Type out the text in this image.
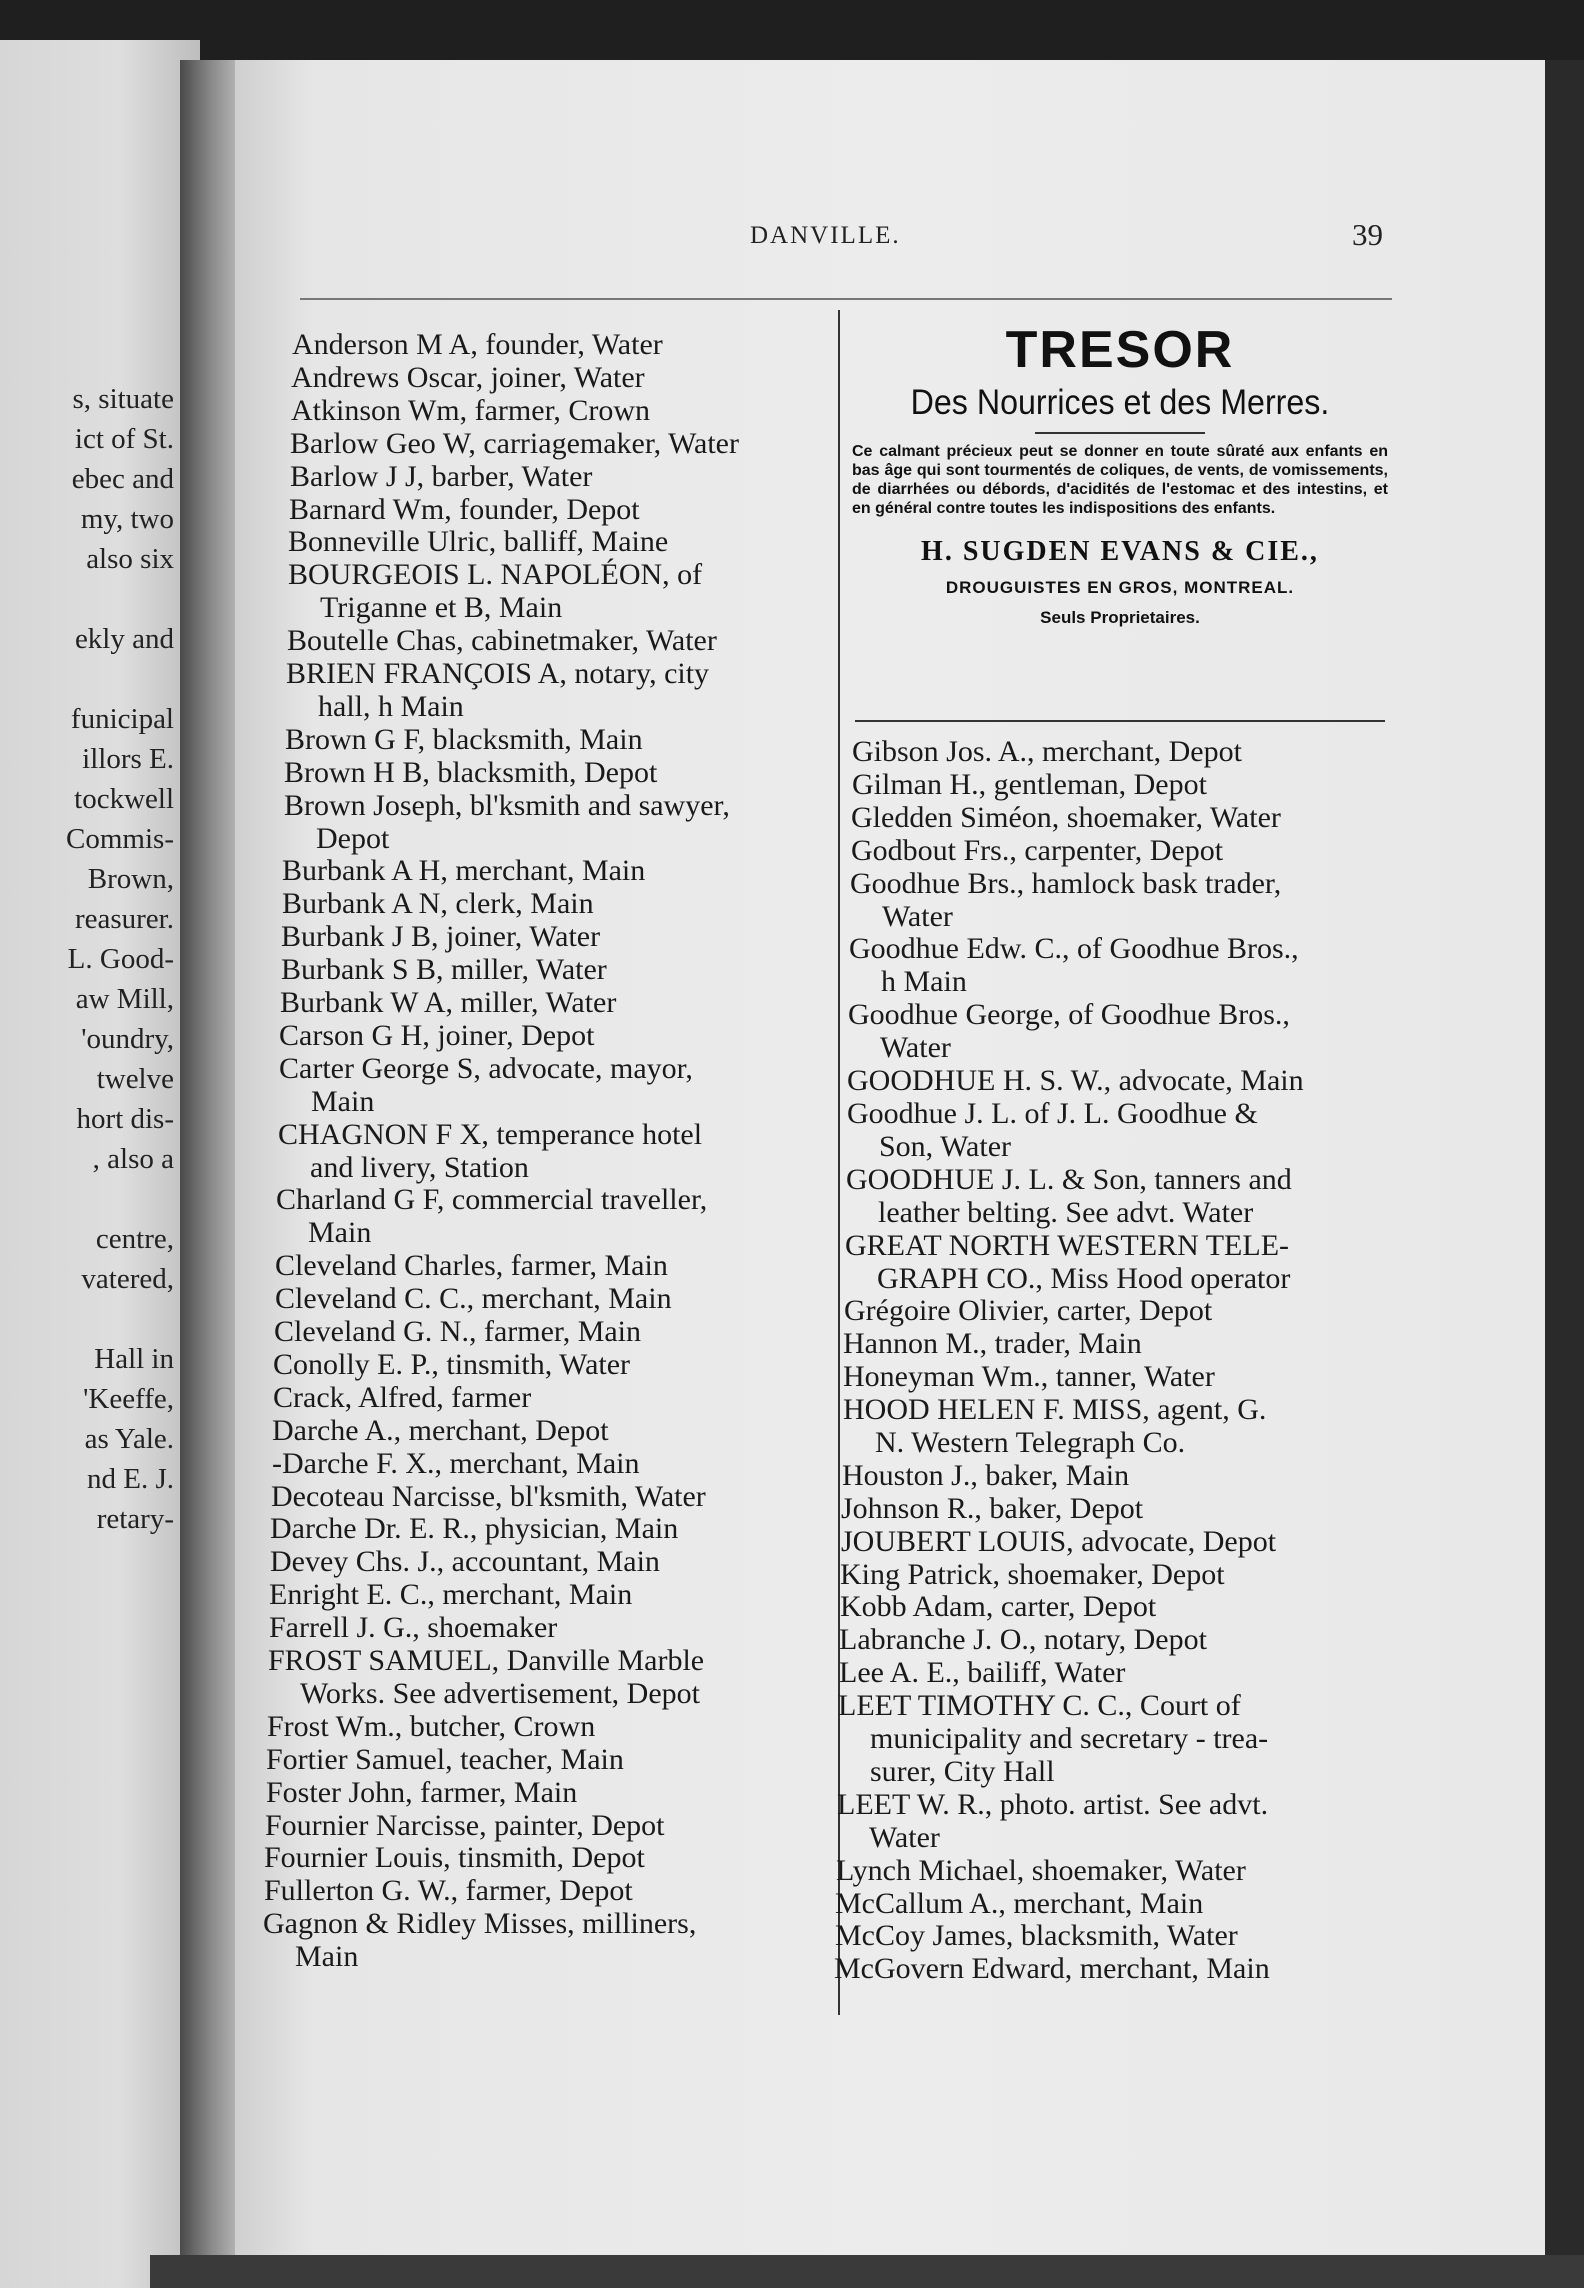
s, situate
ict of St.
ebec and
my, two
also six
ekly and
funicipal
illors E.
tockwell
Commis-
Brown,
reasurer.
L. Good-
aw Mill,
'oundry,
twelve
hort dis-
, also a
centre,
vatered,
Hall in
'Keeffe,
as Yale.
nd E. J.
retary-
DANVILLE.	39
Anderson M A, founder, Water
Andrews Oscar, joiner, Water
Atkinson Wm, farmer, Crown
Barlow Geo W, carriagemaker, Water
Barlow J J, barber, Water
Barnard Wm, founder, Depot
Bonneville Ulric, balliff, Maine
BOURGEOIS L. NAPOLÉON, of
Triganne et B, Main
Boutelle Chas, cabinetmaker, Water
BRIEN FRANÇOIS A, notary, city
hall, h Main
Brown G F, blacksmith, Main
Brown H B, blacksmith, Depot
Brown Joseph, bl'ksmith and sawyer,
Depot
Burbank A H, merchant, Main
Burbank A N, clerk, Main
Burbank J B, joiner, Water
Burbank S B, miller, Water
Burbank W A, miller, Water
Carson G H, joiner, Depot
Carter George S, advocate, mayor,
Main
CHAGNON F X, temperance hotel
and livery, Station
Charland G F, commercial traveller,
Main
Cleveland Charles, farmer, Main
Cleveland C. C., merchant, Main
Cleveland G. N., farmer, Main
Conolly E. P., tinsmith, Water
Crack, Alfred, farmer
Darche A., merchant, Depot
-Darche F. X., merchant, Main
Decoteau Narcisse, bl'ksmith, Water
Darche Dr. E. R., physician, Main
Devey Chs. J., accountant, Main
Enright E. C., merchant, Main
Farrell J. G., shoemaker
FROST SAMUEL, Danville Marble
Works. See advertisement, Depot
Frost Wm., butcher, Crown
Fortier Samuel, teacher, Main
Foster John, farmer, Main
Fournier Narcisse, painter, Depot
Fournier Louis, tinsmith, Depot
Fullerton G. W., farmer, Depot
Gagnon & Ridley Misses, milliners,
Main
Gibson Jos. A., merchant, Depot
Gilman H., gentleman, Depot
Gledden Siméon, shoemaker, Water
Godbout Frs., carpenter, Depot
Goodhue Brs., hamlock bask trader,
Water
Goodhue Edw. C., of Goodhue Bros.,
h Main
Goodhue George, of Goodhue Bros.,
Water
GOODHUE H. S. W., advocate, Main
Goodhue J. L. of J. L. Goodhue &
Son, Water
GOODHUE J. L. & Son, tanners and
leather belting. See advt. Water
GREAT NORTH WESTERN TELE-
GRAPH CO., Miss Hood operator
Grégoire Olivier, carter, Depot
Hannon M., trader, Main
Honeyman Wm., tanner, Water
HOOD HELEN F. MISS, agent, G.
N. Western Telegraph Co.
Houston J., baker, Main
Johnson R., baker, Depot
JOUBERT LOUIS, advocate, Depot
King Patrick, shoemaker, Depot
Kobb Adam, carter, Depot
Labranche J. O., notary, Depot
Lee A. E., bailiff, Water
LEET TIMOTHY C. C., Court of
municipality and secretary - trea-
surer, City Hall
LEET W. R., photo. artist. See advt.
Water
Lynch Michael, shoemaker, Water
McCallum A., merchant, Main
McCoy James, blacksmith, Water
McGovern Edward, merchant, Main
TRESOR
Des Nourrices et des Merres.
Ce calmant précieux peut se donner en toute sûraté aux enfants en bas âge qui sont tourmentés de coliques, de vents, de vomissements, de diarrhées ou débords, d'acidités de l'estomac et des intestins, et en général contre toutes les indispositions des enfants.
H. SUGDEN EVANS & CIE.,
DROUGUISTES EN GROS, MONTREAL.
Seuls Proprietaires.
